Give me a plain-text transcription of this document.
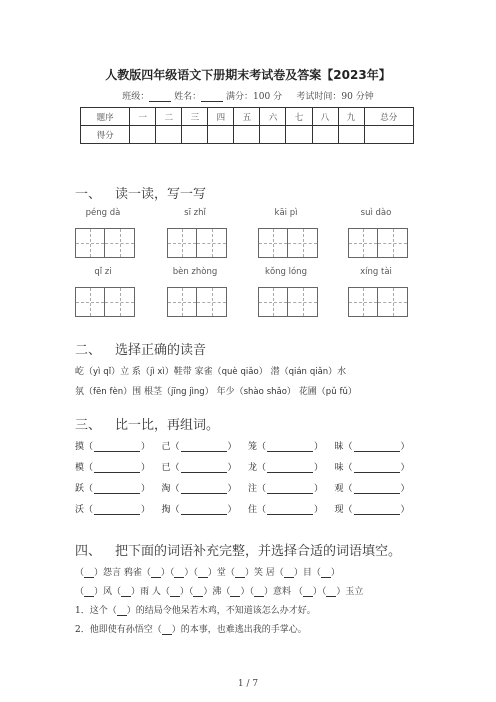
人教版四年级语文下册期末考试卷及答案【2023年】
班级：	姓名：	满分：100 分 考试时间：90 分钟
题序	一	二	三	四	五	六	七	八	九	总分
得分										
一、 读一读，写一写
péng dà	sī zhǐ	kāi pì	suì dào
qǐ zi	bèn zhòng	kǒng lóng	xíng tài
二、 选择正确的读音
屹（yì qǐ）立 系（jì xì）鞋带 家雀（què qiǎo） 潜（qián qiǎn）水
氛（fēn fèn）围 根茎（jīng jìng） 年少（shào shǎo） 花圃（pǔ fǔ）
三、 比一比，再组词。
摸（	）	己（	）	笼（	）	昧（	）
模（	）	已（	）	龙（	）	味（	）
跃（	）	淘（	）	注（	）	观（	）
沃（	）	掏（	）	住（	）	现（	）
四、 把下面的词语补充完整，并选择合适的词语填空。
（ ）怨言 鸦雀（ ）（ ）（ ）堂（ ）笑 居（ ）目（ ）
（ ）风（ ）雨 人（ ）（ ）沸（ ）（ ）意料 （ ）（ ）玉立
1．这个（ ）的结局令他呆若木鸡，不知道该怎么办才好。
2．他即使有孙悟空（ ）的本事，也难逃出我的手掌心。
1 / 7
